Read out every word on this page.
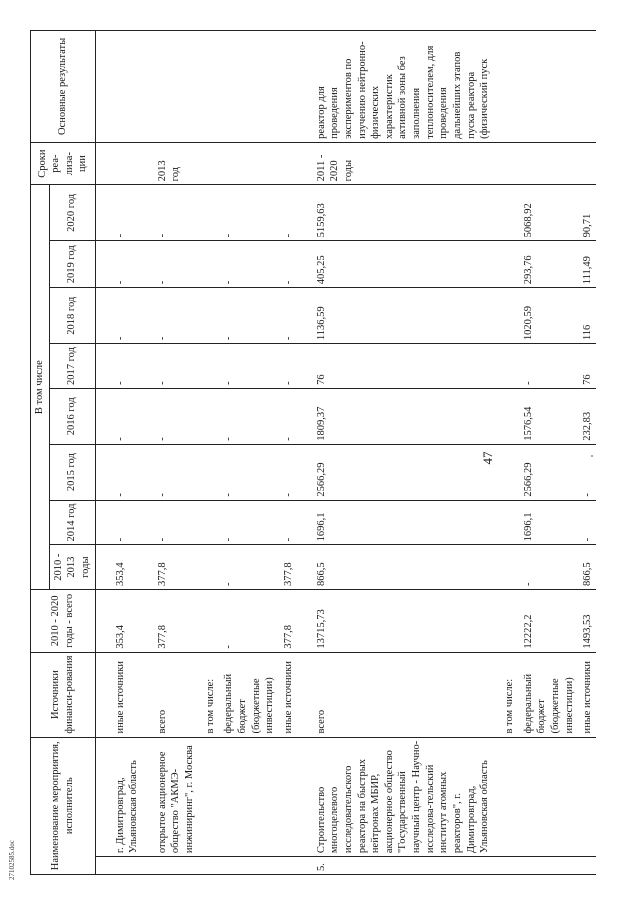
47
27102585.doc	Наименование мероприятия, исполнитель		Источники финанси-рования	2010 - 2020 годы - всего	В том числе								Сроки реа-лиза-ции	Основные результаты
				2010 - 2013 годы	2014 год	2015 год	2016 год	2017 год	2018 год	2019 год	2020 год		
	г. Димитровград, Ульяновская область	иные источники	353,4	353,4	-	-	-	-	-	-	-		
	открытое акционерное общество "АКМЭ-инжиниринг", г. Москва	всего	377,8	377,8	-	-	-	-	-	-	-	2013 год	
		в том числе:											
		федеральный бюджет (бюджетные инвестиции)	-	-	-	-	-	-	-	-	-		
		иные источники	377,8	377,8	-	-	-	-	-	-	-		
5.	Строительство многоцелевого исследовательского реактора на быстрых нейтронах МБИР, акционерное общество "Государственный научный центр - Научно-исследова-тельский институт атомных реакторов", г. Димитровград, Ульяновская область	всего	13715,73	866,5	1696,1	2566,29	1809,37	76	1136,59	405,25	5159,63	2011 - 2020 годы	реактор для проведения экспериментов по изучению нейтронно-физических характеристик активной зоны без заполнения теплоносителем, для проведения дальнейших этапов пуска реактора (физический пуск
		в том числе:											
		федеральный бюджет (бюджетные инвестиции)	12222,2	-	1696,1	2566,29	1576,54	-	1020,59	293,76	5068,92		
		иные источники	1493,53	866,5	-	-	232,83	76	116	111,49	90,71		
